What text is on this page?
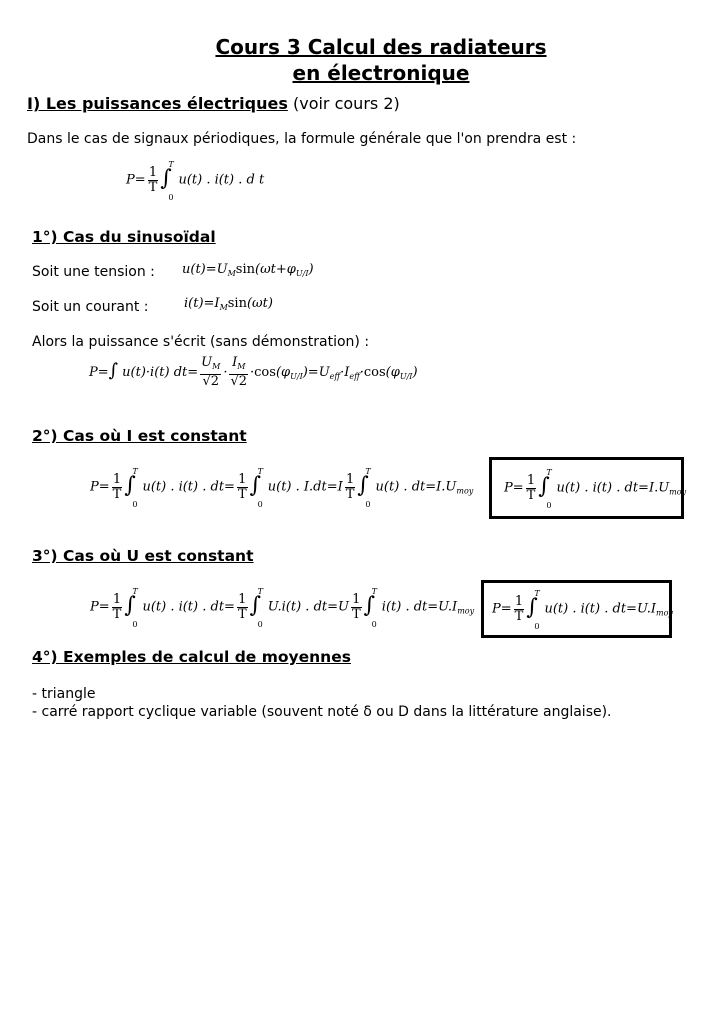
Cours 3 Calcul des radiateurs
en électronique
I) Les puissances électriques (voir cours 2)
Dans le cas de signaux périodiques, la formule générale que l'on prendra est :
$P= \frac{1}{T}$ ∫
T
0
u(t) . i(t) . d t
1°) Cas du sinusoïdal
Soit une tension : $u(t)=U_M\sin(\omega t+\varphi_{U/I})$
Soit un courant :	$i(t)=I_M\sin(\omega t)$
Alors la puissance s'écrit (sans démonstration) :
P=∫ u(t)·i(t) $dt= \frac{U_M}{√2} \cdot \frac{I_M}{√2} \cdot\cos(\varphi_{U/I})=U_{eff}\cdot I_{eff}\cdot\cos(\varphi_{U/I})$
2°) Cas où I est constant
$P= \frac{1}{T}$ ∫
T
0
u(t) . i(t) . $dt= \frac{1}{T}$ ∫
T
0
u(t) . $I.dt=I \frac{1}{T}$ ∫
T
0
u(t) . $dt=I.U_{moy}$ $P= \frac{1}{T}$ ∫
T
0
u(t) . i(t) . $dt=I.U_{moy}$
3°) Cas où U est constant
$P= \frac{1}{T}$ ∫
T
0
u(t) . i(t) . $dt= \frac{1}{T}$ ∫
T
0
U.i(t) . $dt=U \frac{1}{T}$ ∫
T
0
i(t) . $dt=U.I_{moy}$ $P= \frac{1}{T}$ ∫
T
0
u(t) . i(t) . $dt=U.I_{moy}$
4°) Exemples de calcul de moyennes
- triangle
- carré rapport cyclique variable (souvent noté δ ou D dans la littérature anglaise).
